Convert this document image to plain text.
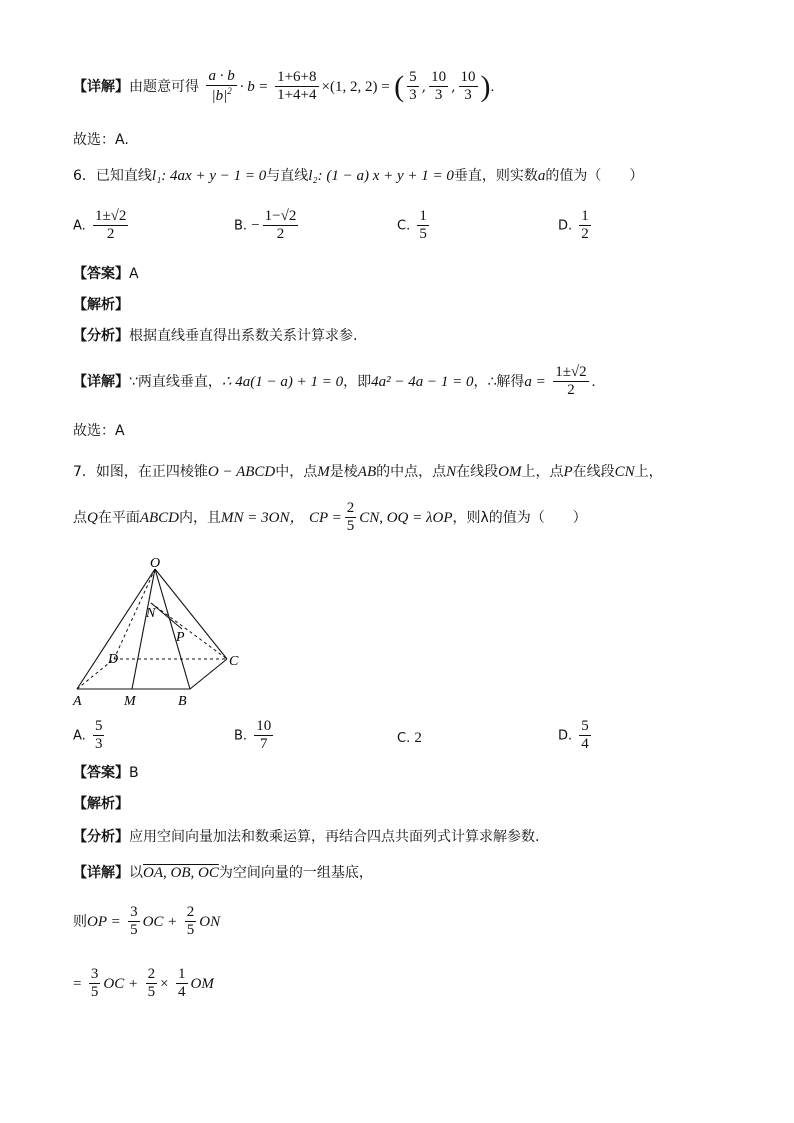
【详解】由题意可得 $\frac{a \cdot b}{|b|^2} \cdot b = \frac{1+6+8}{1+4+4} \times(1$, 2, 2) = ( $\frac{5}{3}$ , $\frac{10}{3}$ , $\frac{10}{3}$ ).
故选：A.
6．已知直线l₁: 4ax + y − 1 = 0与直线l₂: (1 − a) x + y + 1 = 0垂直，则实数a的值为（　　）
A. $\frac{1\pm√2}{2}$	B. − $\frac{1-√2}{2}$	C. $\frac{1}{5}$	D. $\frac{1}{2}$
【答案】A
【解析】
【分析】根据直线垂直得出系数关系计算求参.
【详解】∵两直线垂直，∴ 4a(1 − a) + 1 = 0，即4a² − 4a − 1 = 0，∴解得$a = \frac{1\pm√2}{2}$ .
故选：A
7．如图，在正四棱锥O − ABCD中，点M是棱AB的中点，点N在线段OM上，点P在线段CN上，
点Q在平面ABCD内，且MN = 3ON， CP = $\frac{2}{5}$ CN, OQ = λOP，则λ的值为（　　）
O
N
P
D	C
A	M	B
A. $\frac{5}{3}$	B. $\frac{10}{7}$	C. 2	D. $\frac{5}{4}$
【答案】B
【解析】
【分析】应用空间向量加法和数乘运算，再结合四点共面列式计算求解参数.
【详解】以OA, OB, OC为空间向量的一组基底，
则OP = $\frac{3}{5}$ OC + $\frac{2}{5}$ ON
= $\frac{3}{5}$ OC + $\frac{2}{5} \times \frac{1}{4}$ OM
